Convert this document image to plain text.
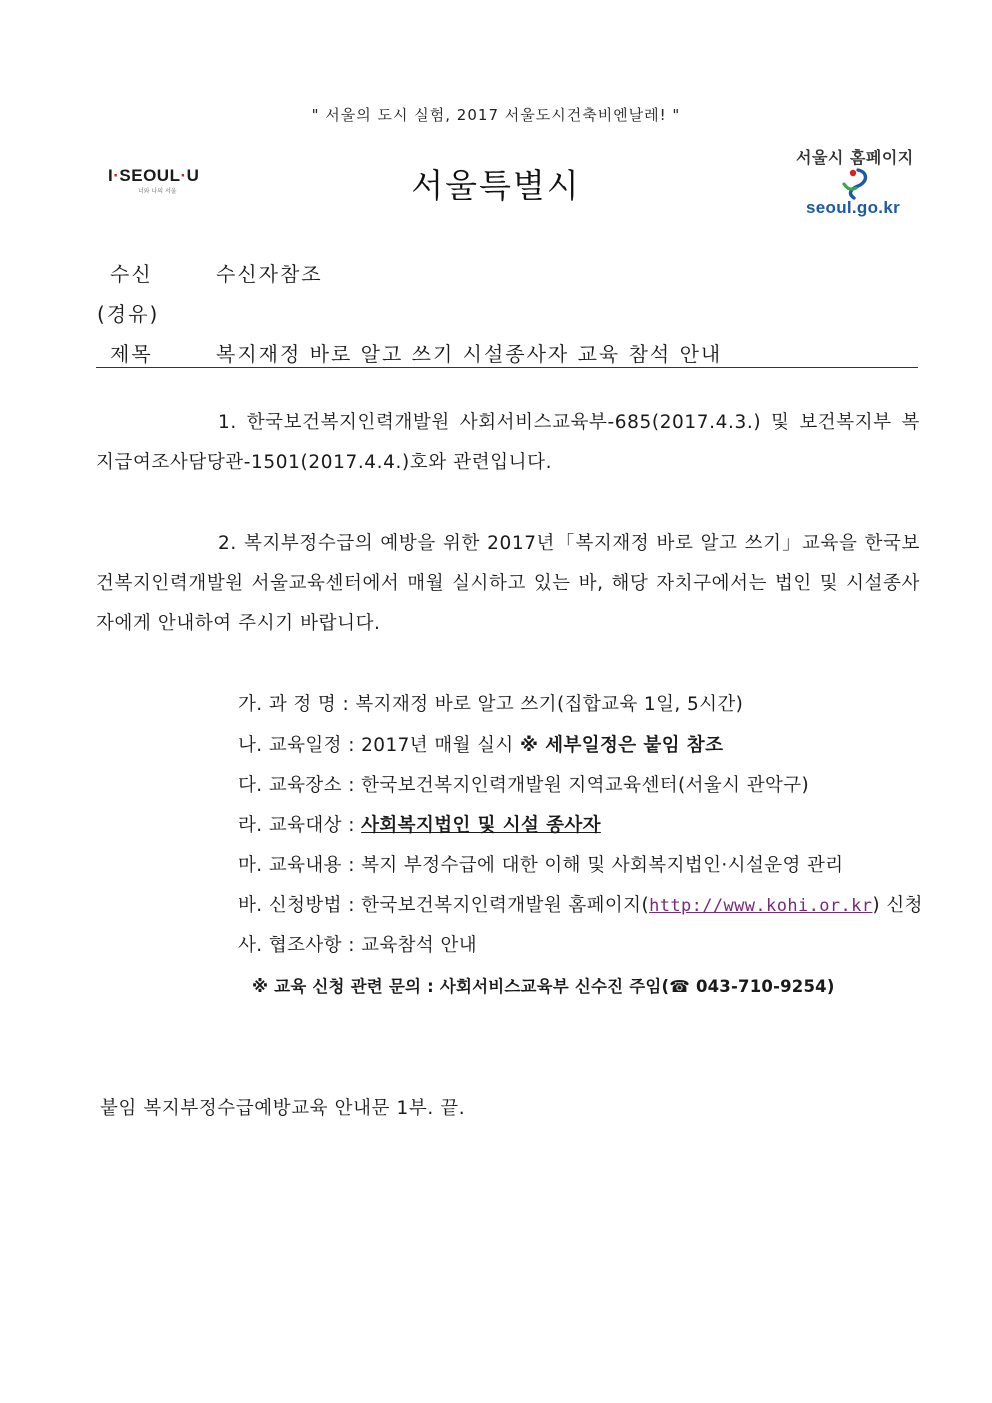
" 서울의 도시 실험, 2017 서울도시건축비엔날레! "
I·SEOUL·U
너와 나의 서울	서울특별시
서울시 홈페이지
seoul.go.kr
수신	수신자참조
(경유)
제목	복지재정 바로 알고 쓰기 시설종사자 교육 참석 안내
1. 한국보건복지인력개발원 사회서비스교육부-685(2017.4.3.) 및 보건복지부 복지급여조사담당관-1501(2017.4.4.)호와 관련입니다.
2. 복지부정수급의 예방을 위한 2017년「복지재정 바로 알고 쓰기」교육을 한국보건복지인력개발원 서울교육센터에서 매월 실시하고 있는 바, 해당 자치구에서는 법인 및 시설종사자에게 안내하여 주시기 바랍니다.
가. 과 정 명 : 복지재정 바로 알고 쓰기(집합교육 1일, 5시간)
나. 교육일정 : 2017년 매월 실시 ※ 세부일정은 붙임 참조
다. 교육장소 : 한국보건복지인력개발원 지역교육센터(서울시 관악구)
라. 교육대상 : 사회복지법인 및 시설 종사자
마. 교육내용 : 복지 부정수급에 대한 이해 및 사회복지법인·시설운영 관리
바. 신청방법 : 한국보건복지인력개발원 홈페이지(http://www.kohi.or.kr) 신청
사. 협조사항 : 교육참석 안내
※ 교육 신청 관련 문의 : 사회서비스교육부 신수진 주임(☎ 043-710-9254)
붙임 복지부정수급예방교육 안내문 1부. 끝.
